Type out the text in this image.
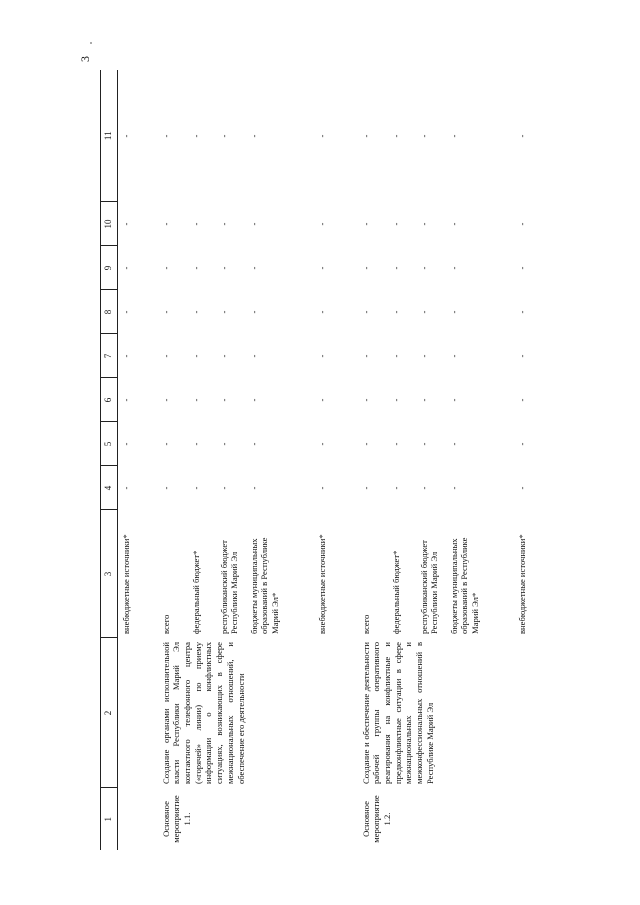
3
1	2	3	4	5	6	7	8	9	10	11
		внебюджетные источники*	-	-	-	-	-	-	-	-
Основное мероприятие 1.1.	Создание органами исполнительной власти Республики Марий Эл контактного телефонного центра («горячей» линии) по приему информации о конфликтных ситуациях, возникающих в сфере межнациональных отношений, и обеспечение его деятельности	всего	-	-	-	-	-	-	-	-
		федеральный бюджет*	-	-	-	-	-	-	-	-
		республиканский бюджет Республики Марий Эл	-	-	-	-	-	-	-	-
		бюджеты муниципальных образований в Республике Марий Эл*	-	-	-	-	-	-	-	-
		внебюджетные источники*	-	-	-	-	-	-	-	-
Основное мероприятие 1.2.	Создание и обеспечение деятельности рабочей группы оперативного реагирования на конфликтные и предконфликтные ситуации в сфере межнациональных и межконфессиональных отношений в Республике Марий Эл	всего	-	-	-	-	-	-	-	-
		федеральный бюджет*	-	-	-	-	-	-	-	-
		республиканский бюджет Республики Марий Эл	-	-	-	-	-	-	-	-
		бюджеты муниципальных образований в Республике Марий Эл*	-	-	-	-	-	-	-	-
		внебюджетные источники*	-	-	-	-	-	-	-	-
